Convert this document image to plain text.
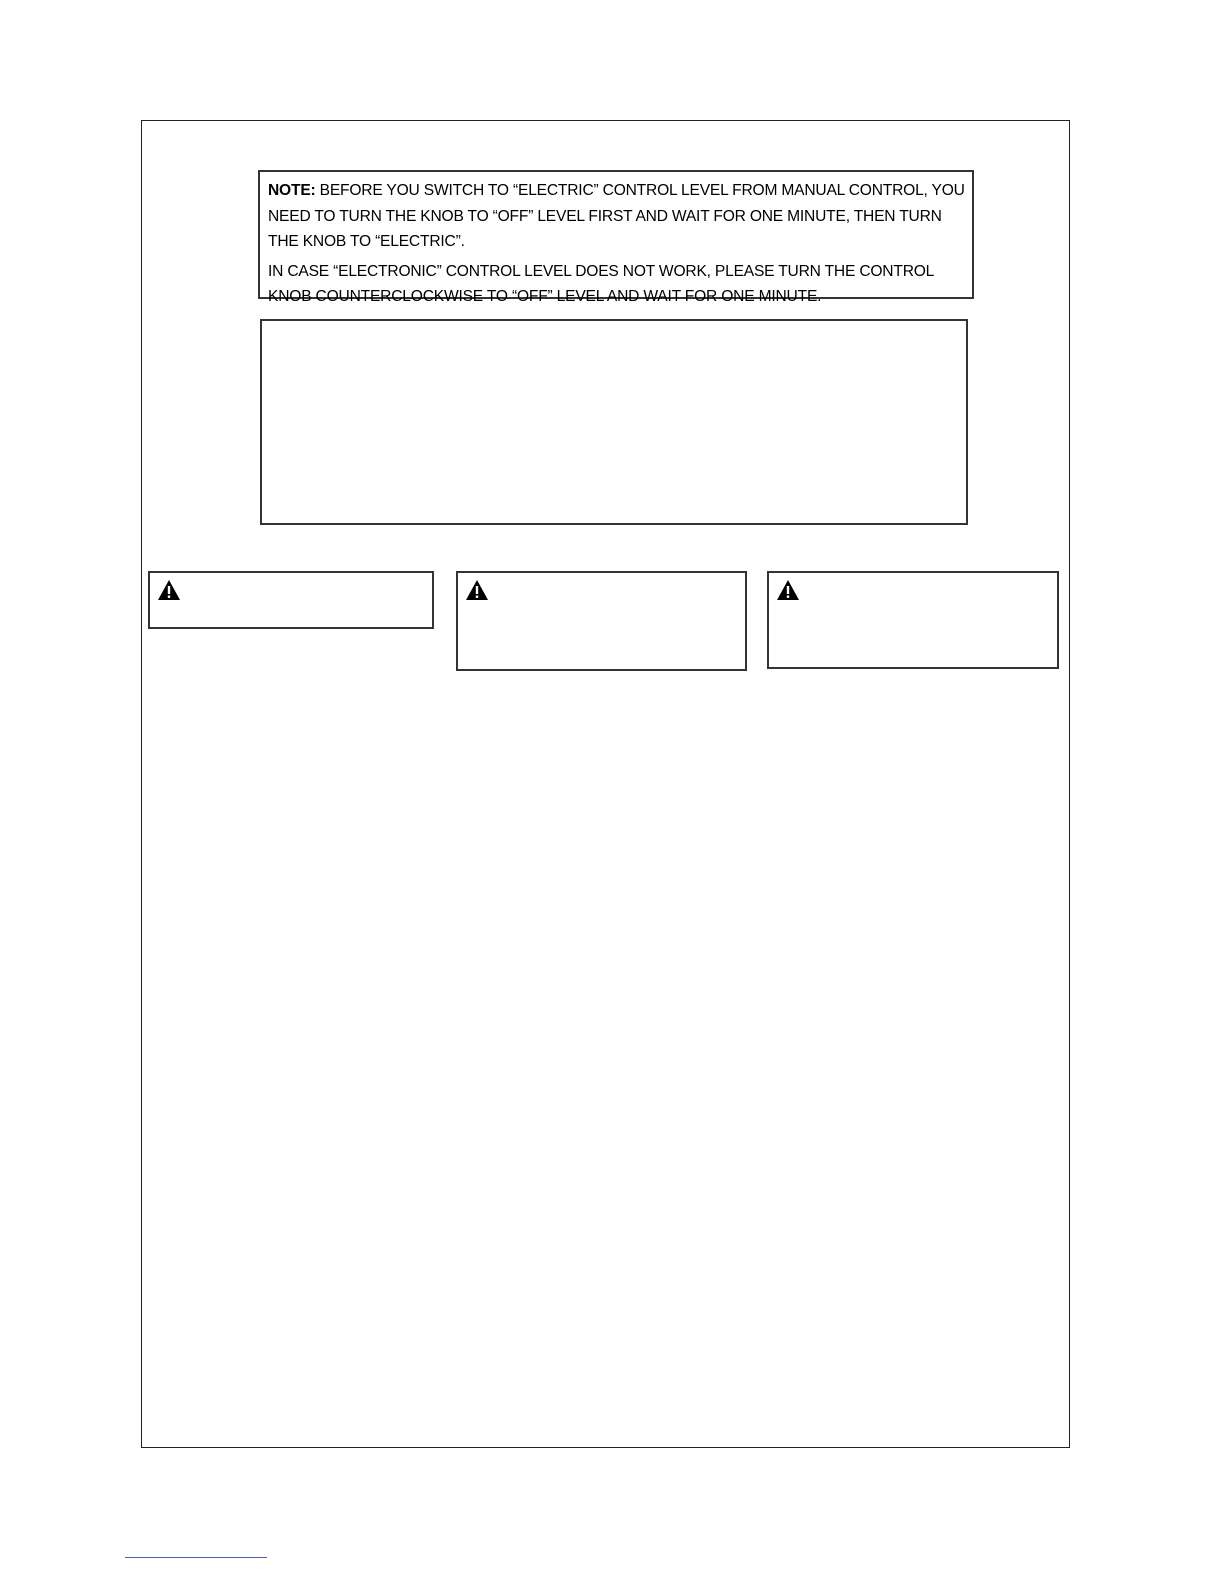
NOTE: BEFORE YOU SWITCH TO “ELECTRIC” CONTROL LEVEL FROM MANUAL CONTROL, YOU NEED TO TURN THE KNOB TO “OFF” LEVEL FIRST AND WAIT FOR ONE MINUTE, THEN TURN THE KNOB TO “ELECTRIC”.

IN CASE “ELECTRONIC” CONTROL LEVEL DOES NOT WORK, PLEASE TURN THE CONTROL KNOB COUNTERCLOCKWISE TO “OFF” LEVEL AND WAIT FOR ONE MINUTE.
